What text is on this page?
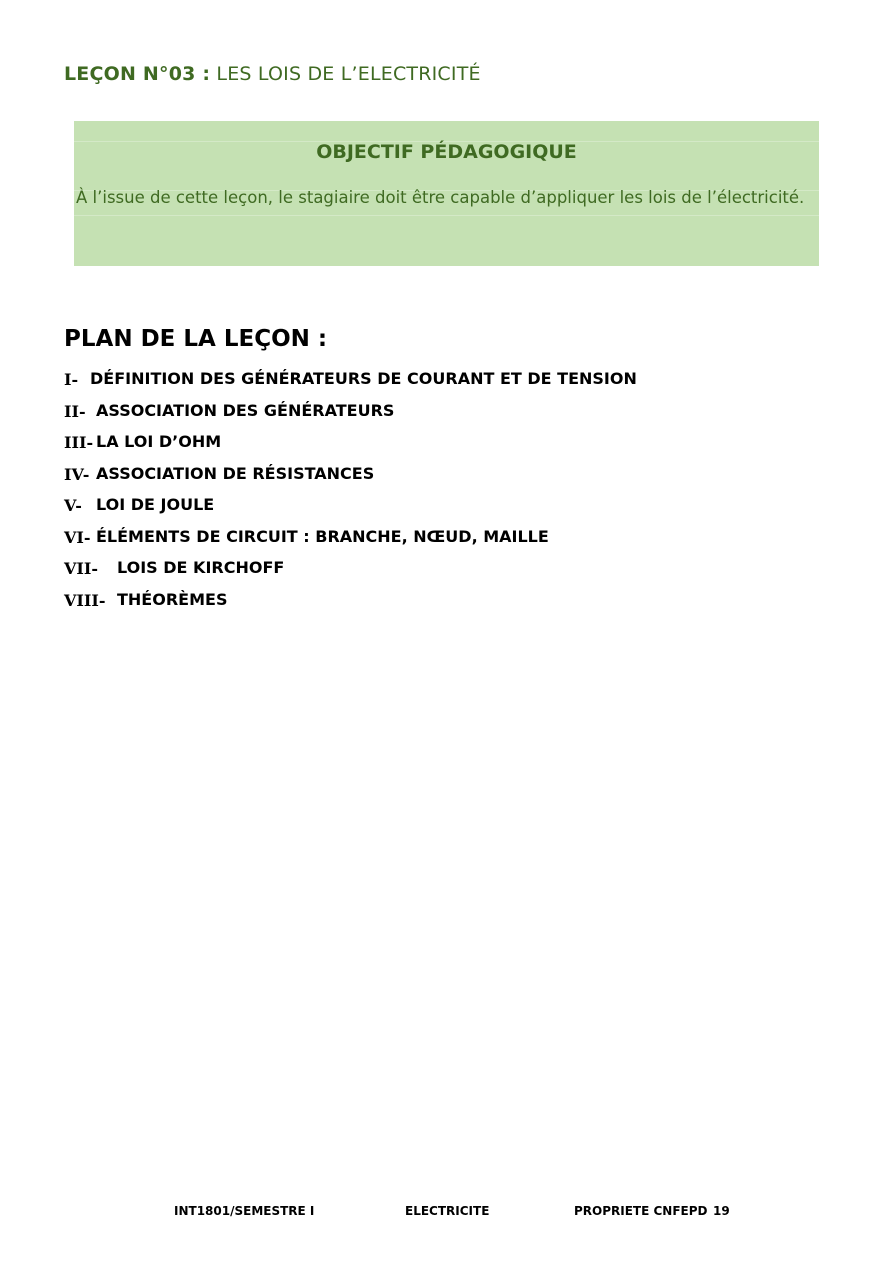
LEÇON N°03 : LES LOIS DE L’ELECTRICITÉ
OBJECTIF PÉDAGOGIQUE
À l’issue de cette leçon, le stagiaire doit être capable d’appliquer les lois de l’électricité.
PLAN DE LA LEÇON :
I- DÉFINITION DES GÉNÉRATEURS DE COURANT ET DE TENSION
II- ASSOCIATION DES GÉNÉRATEURS
III- LA LOI D’OHM
IV- ASSOCIATION DE RÉSISTANCES
V- LOI DE JOULE
VI- ÉLÉMENTS DE CIRCUIT : BRANCHE, NŒUD, MAILLE
VII- LOIS DE KIRCHOFF
VIII- THÉORÈMES
INT1801/SEMESTRE I	ELECTRICITE	PROPRIETE CNFEPD 19
